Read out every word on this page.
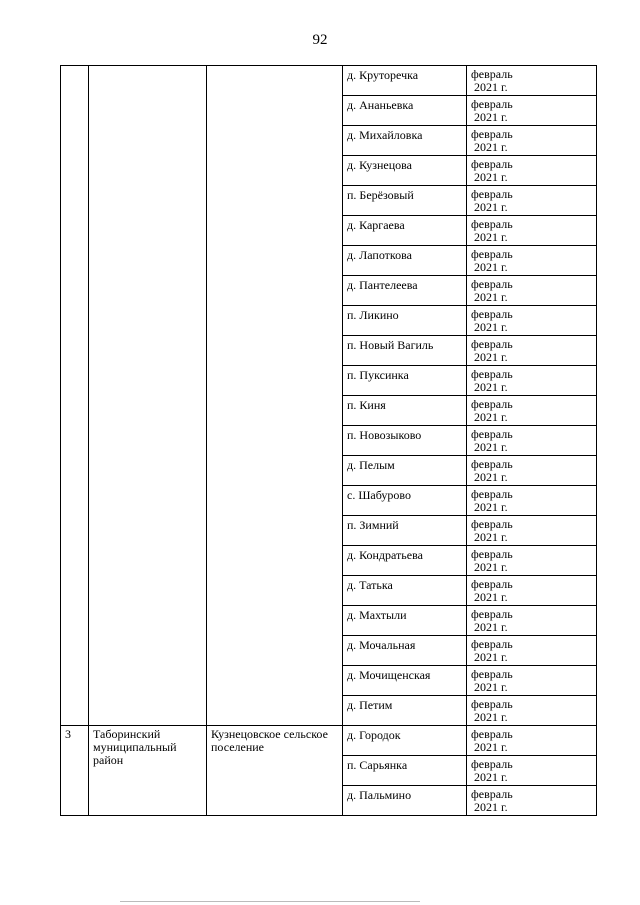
92

			д. Круторечка	февраль
2021 г.

			д. Ананьевка	февраль
2021 г.

			д. Михайловка	февраль
2021 г.

			д. Кузнецова	февраль
2021 г.

			п. Берёзовый	февраль
2021 г.

			д. Каргаева	февраль
2021 г.

			д. Лапоткова	февраль
2021 г.

			д. Пантелеева	февраль
2021 г.

			п. Ликино	февраль
2021 г.

			п. Новый Вагиль	февраль
2021 г.

			п. Пуксинка	февраль
2021 г.

			п. Киня	февраль
2021 г.

			п. Новозыково	февраль
2021 г.

			д. Пелым	февраль
2021 г.

			с. Шабурово	февраль
2021 г.

			п. Зимний	февраль
2021 г.

			д. Кондратьева	февраль
2021 г.

			д. Татька	февраль
2021 г.

			д. Махтыли	февраль
2021 г.

			д. Мочальная	февраль
2021 г.

			д. Мочищенская	февраль
2021 г.

			д. Петим	февраль
2021 г.

3	Таборинский муниципальный район	Кузнецовское сельское поселение	д. Городок	февраль
2021 г.

			п. Сарьянка	февраль
2021 г.

			д. Пальмино	февраль
2021 г.
